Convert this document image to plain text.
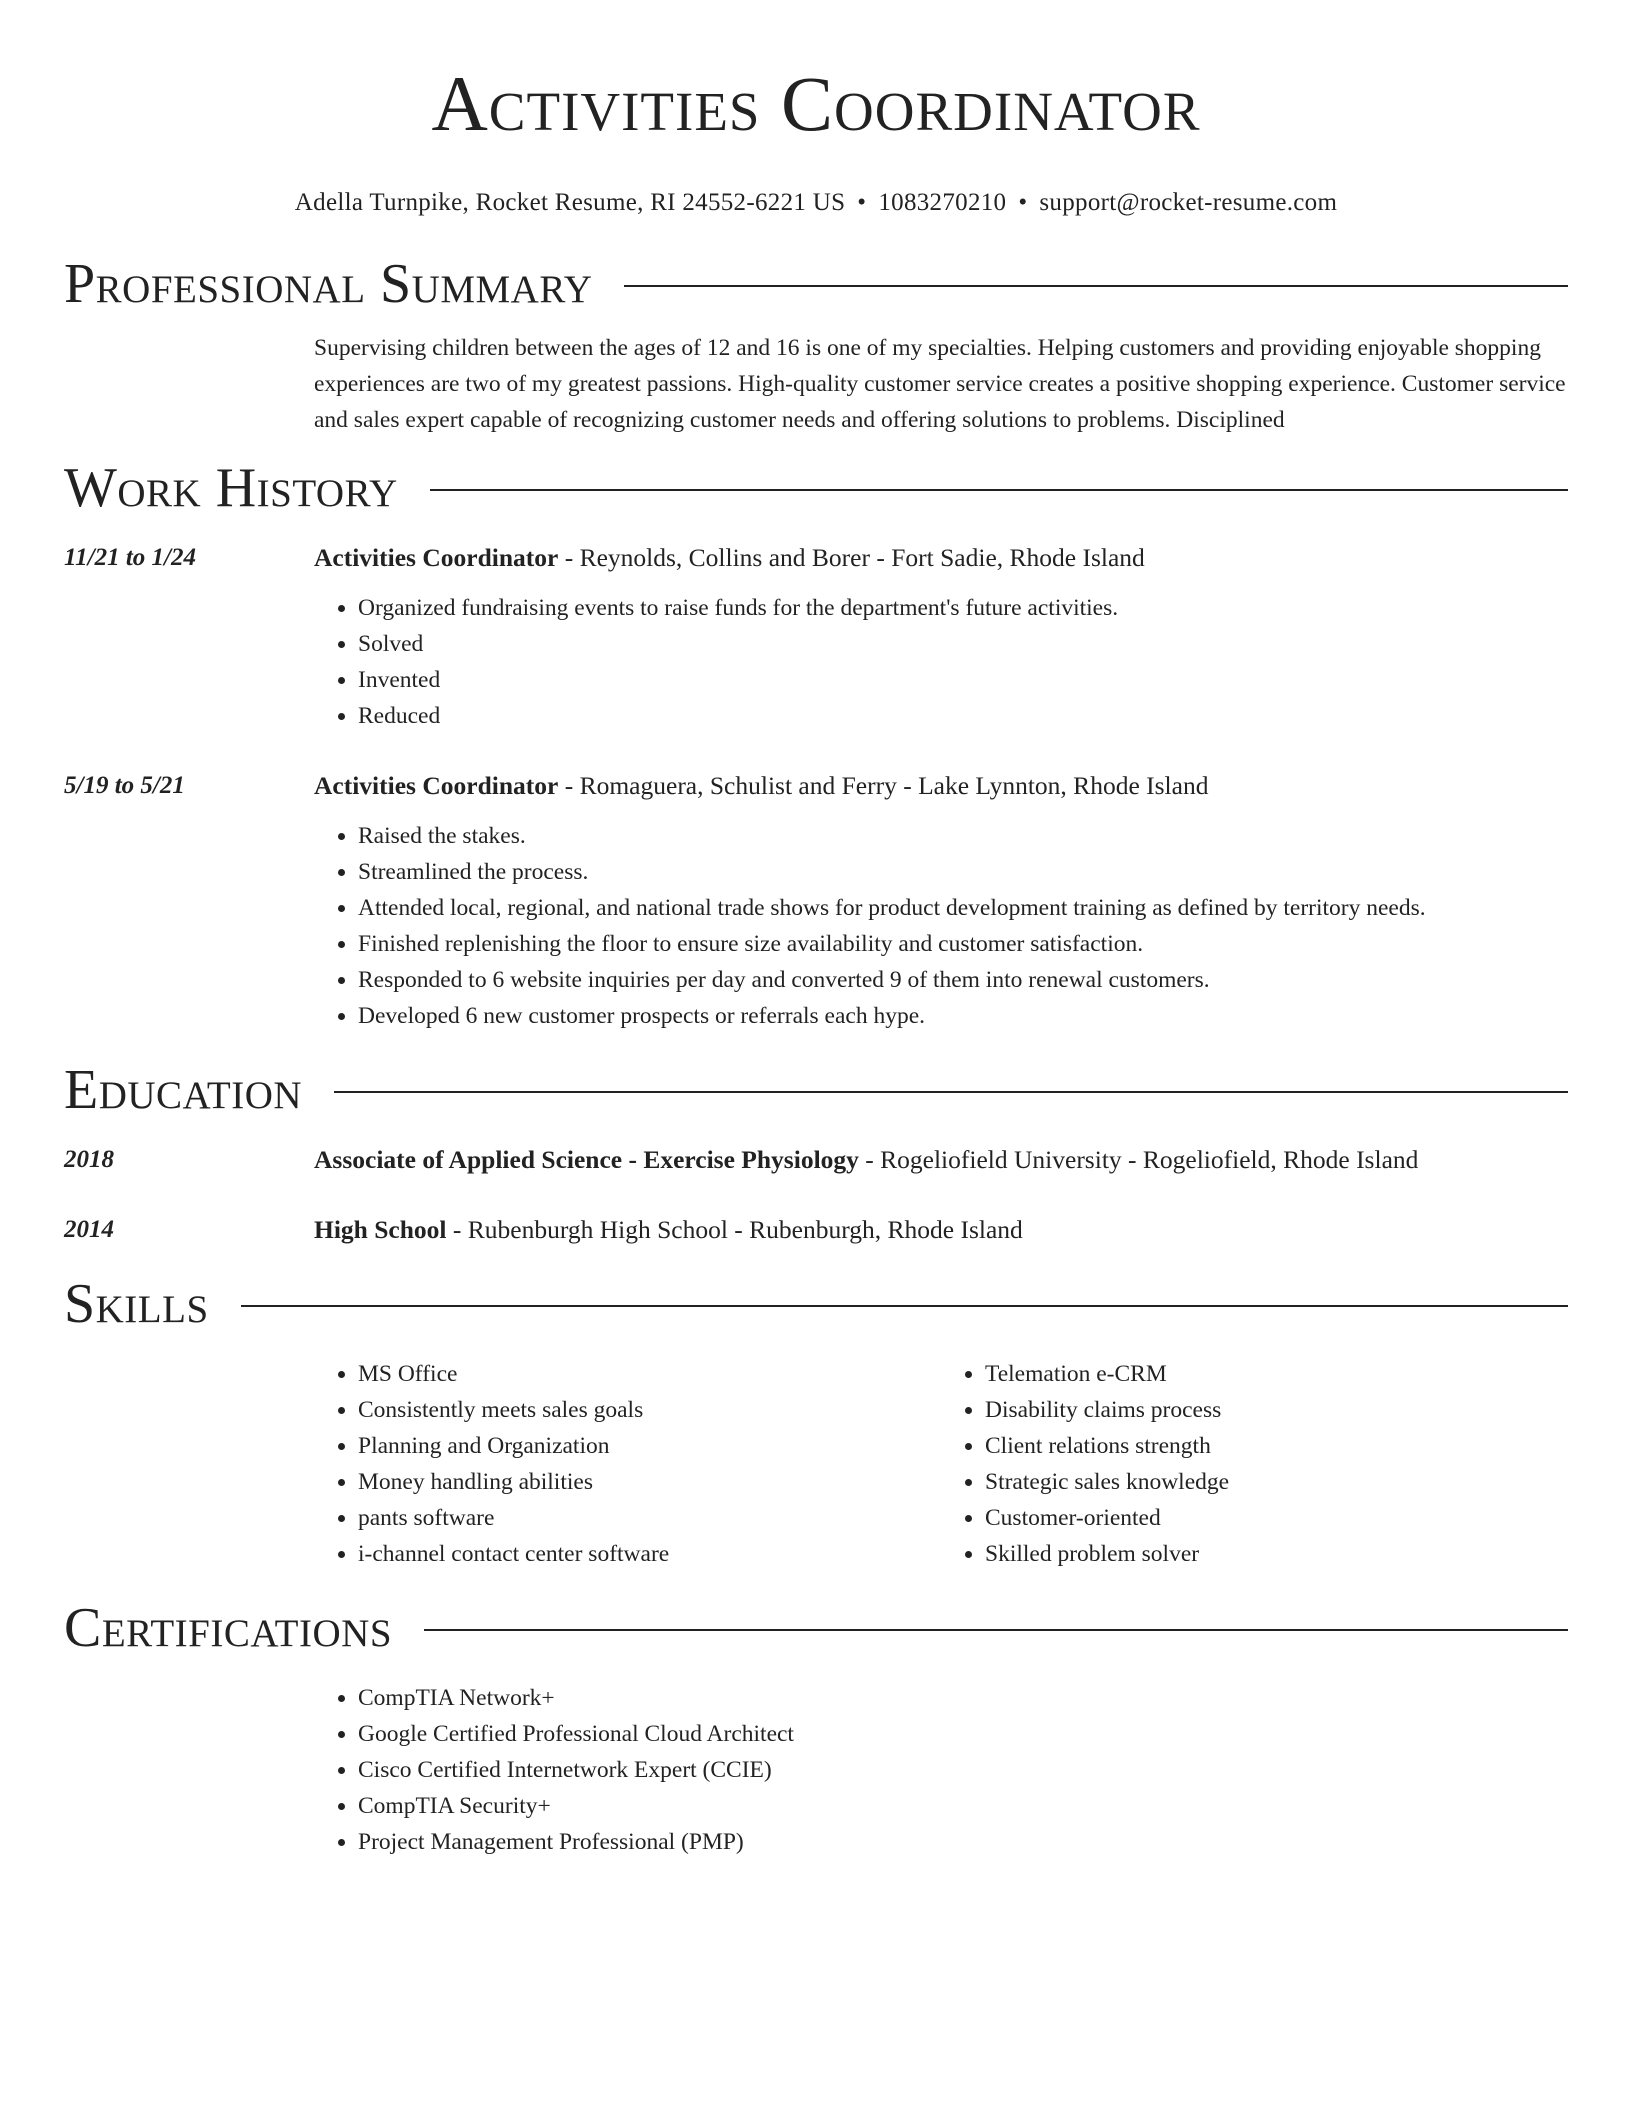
Activities Coordinator
Adella Turnpike, Rocket Resume, RI 24552-6221 US • 1083270210 • support@rocket-resume.com
Professional Summary

Supervising children between the ages of 12 and 16 is one of my specialties. Helping customers and providing enjoyable shopping experiences are two of my greatest passions. High-quality customer service creates a positive shopping experience. Customer service and sales expert capable of recognizing customer needs and offering solutions to problems. Disciplined

Work History
11/21 to 1/24	Activities Coordinator - Reynolds, Collins and Borer - Fort Sadie, Rhode Island
• Organized fundraising events to raise funds for the department's future activities.
• Solved
• Invented
• Reduced
5/19 to 5/21	Activities Coordinator - Romaguera, Schulist and Ferry - Lake Lynnton, Rhode Island
• Raised the stakes.
• Streamlined the process.
• Attended local, regional, and national trade shows for product development training as defined by territory needs.
• Finished replenishing the floor to ensure size availability and customer satisfaction.
• Responded to 6 website inquiries per day and converted 9 of them into renewal customers.
• Developed 6 new customer prospects or referrals each hype.
Education
2018	Associate of Applied Science - Exercise Physiology - Rogeliofield University - Rogeliofield, Rhode Island
2014	High School - Rubenburgh High School - Rubenburgh, Rhode Island
Skills
• MS Office
• Consistently meets sales goals
• Planning and Organization
• Money handling abilities
• pants software
• i-channel contact center software
• Telemation e-CRM
• Disability claims process
• Client relations strength
• Strategic sales knowledge
• Customer-oriented
• Skilled problem solver
Certifications
• CompTIA Network+
• Google Certified Professional Cloud Architect
• Cisco Certified Internetwork Expert (CCIE)
• CompTIA Security+
• Project Management Professional (PMP)
